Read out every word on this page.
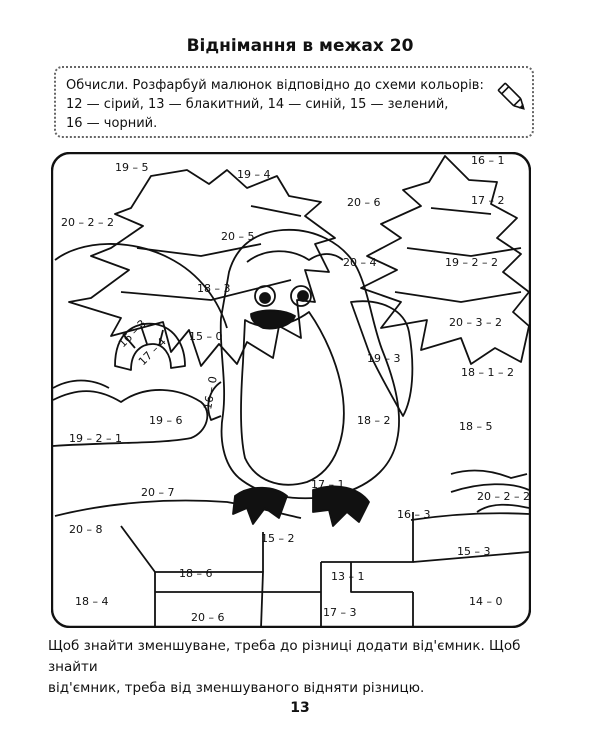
Віднімання в межах 20
Обчисли. Розфарбуй малюнок відповідно до схеми кольорів:
12 — сірий, 13 — блакитний, 14 — синій, 15 — зелений,
16 — чорний.
19 – 5
19 – 4
16 – 1
20 – 2 – 2
20 – 6	17 – 2
20 – 5
20 – 4	19 – 2 – 2
18 – 3
15 – 0
16 – 3
17 – 4
20 – 3 – 2
19 – 3
18 – 1 – 2
16 – 0
19 – 6	18 – 2	18 – 5
19 – 2 – 1
17 – 1
20 – 7	20 – 2 – 2
16 – 3
20 – 8
15 – 2
15 – 3
18 – 6	13 – 1
18 – 4	14 – 0
20 – 6	17 – 3
Щоб знайти зменшуване, треба до різниці додати від'ємник. Щоб знайти
від'ємник, треба від зменшуваного відняти різницю.
13
